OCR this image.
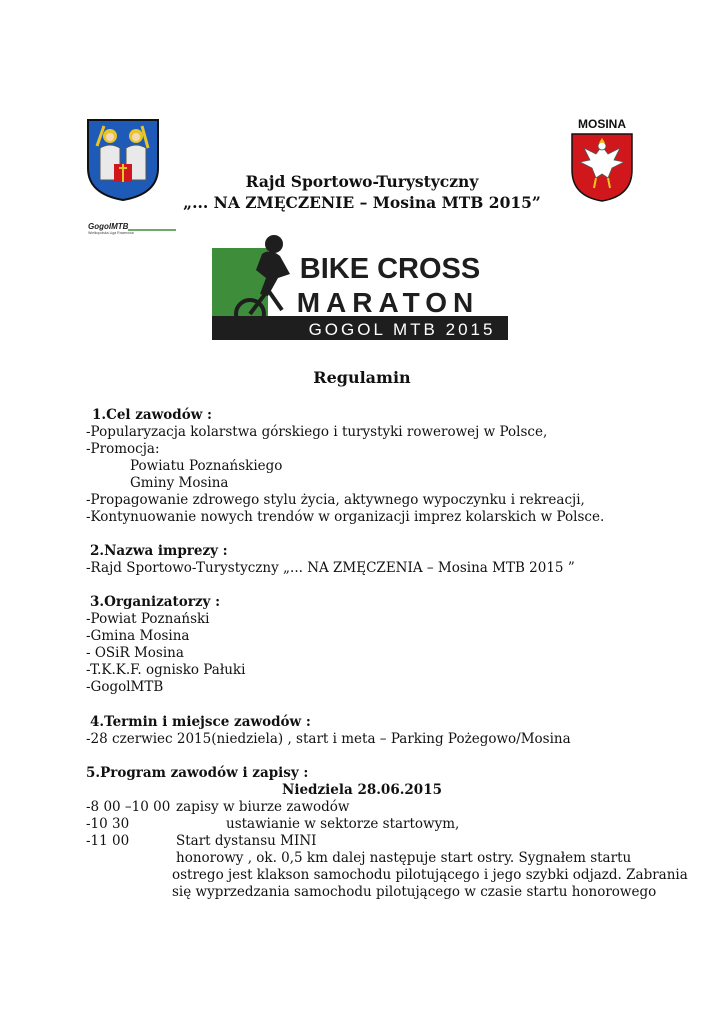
MOSINA
GogolMTB
Wielkopolska Liga Rowerowa
BIKE CROSS
MARATON
GOGOL MTB 2015
Rajd Sportowo-Turystyczny
„... NA ZMĘCZENIE – Mosina MTB 2015”
Regulamin
1.Cel zawodów :
-Popularyzacja kolarstwa górskiego i turystyki rowerowej w Polsce,
-Promocja:
Powiatu Poznańskiego
Gminy Mosina
-Propagowanie zdrowego stylu życia, aktywnego wypoczynku i rekreacji,
-Kontynuowanie nowych trendów w organizacji imprez kolarskich w Polsce.
2.Nazwa imprezy :
-Rajd Sportowo-Turystyczny „... NA ZMĘCZENIA – Mosina MTB 2015 ”
3.Organizatorzy :
-Powiat Poznański
-Gmina Mosina
- OSiR Mosina
-T.K.K.F. ognisko Pałuki
-GogolMTB
4.Termin i miejsce zawodów :
-28 czerwiec 2015(niedziela) , start i meta – Parking Pożegowo/Mosina
5.Program zawodów i zapisy :
Niedziela 28.06.2015
-8 00 –10 00 zapisy w biurze zawodów
-10 30	ustawianie w sektorze startowym,
-11 00	Start dystansu MINI
honorowy , ok. 0,5 km dalej następuje start ostry. Sygnałem startu
ostrego jest klakson samochodu pilotującego i jego szybki odjazd. Zabrania
się wyprzedzania samochodu pilotującego w czasie startu honorowego
